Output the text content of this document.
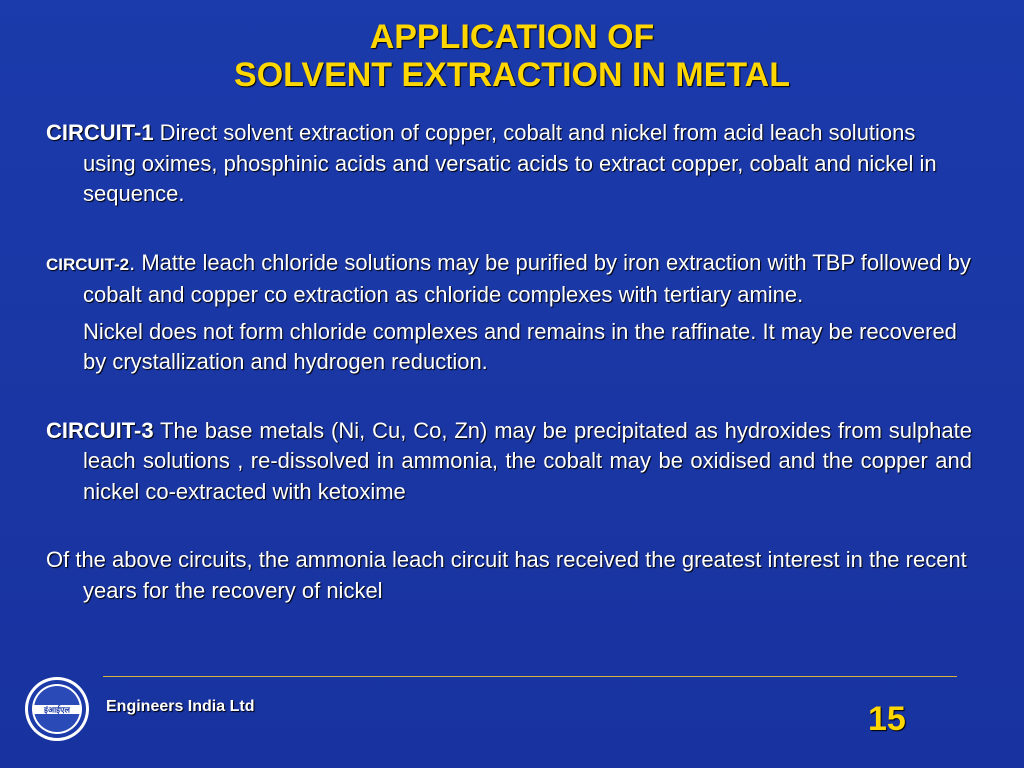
APPLICATION OF
SOLVENT EXTRACTION IN METAL

CIRCUIT-1 Direct solvent extraction of copper, cobalt and nickel from acid leach solutions using oximes, phosphinic acids and versatic acids to extract copper, cobalt and nickel in sequence.

CIRCUIT-2. Matte leach chloride solutions may be purified by iron extraction with TBP followed by cobalt and copper co extraction as chloride complexes with tertiary amine.

Nickel does not form chloride complexes and remains in the raffinate. It may be recovered by crystallization and hydrogen reduction.

CIRCUIT-3 The base metals (Ni, Cu, Co, Zn) may be precipitated as hydroxides from sulphate leach solutions , re-dissolved in ammonia, the cobalt may be oxidised and the copper and nickel co-extracted with ketoxime

Of the above circuits, the ammonia leach circuit has received the greatest interest in the recent years for the recovery of nickel

इंआईएल Engineers India Ltd	15
